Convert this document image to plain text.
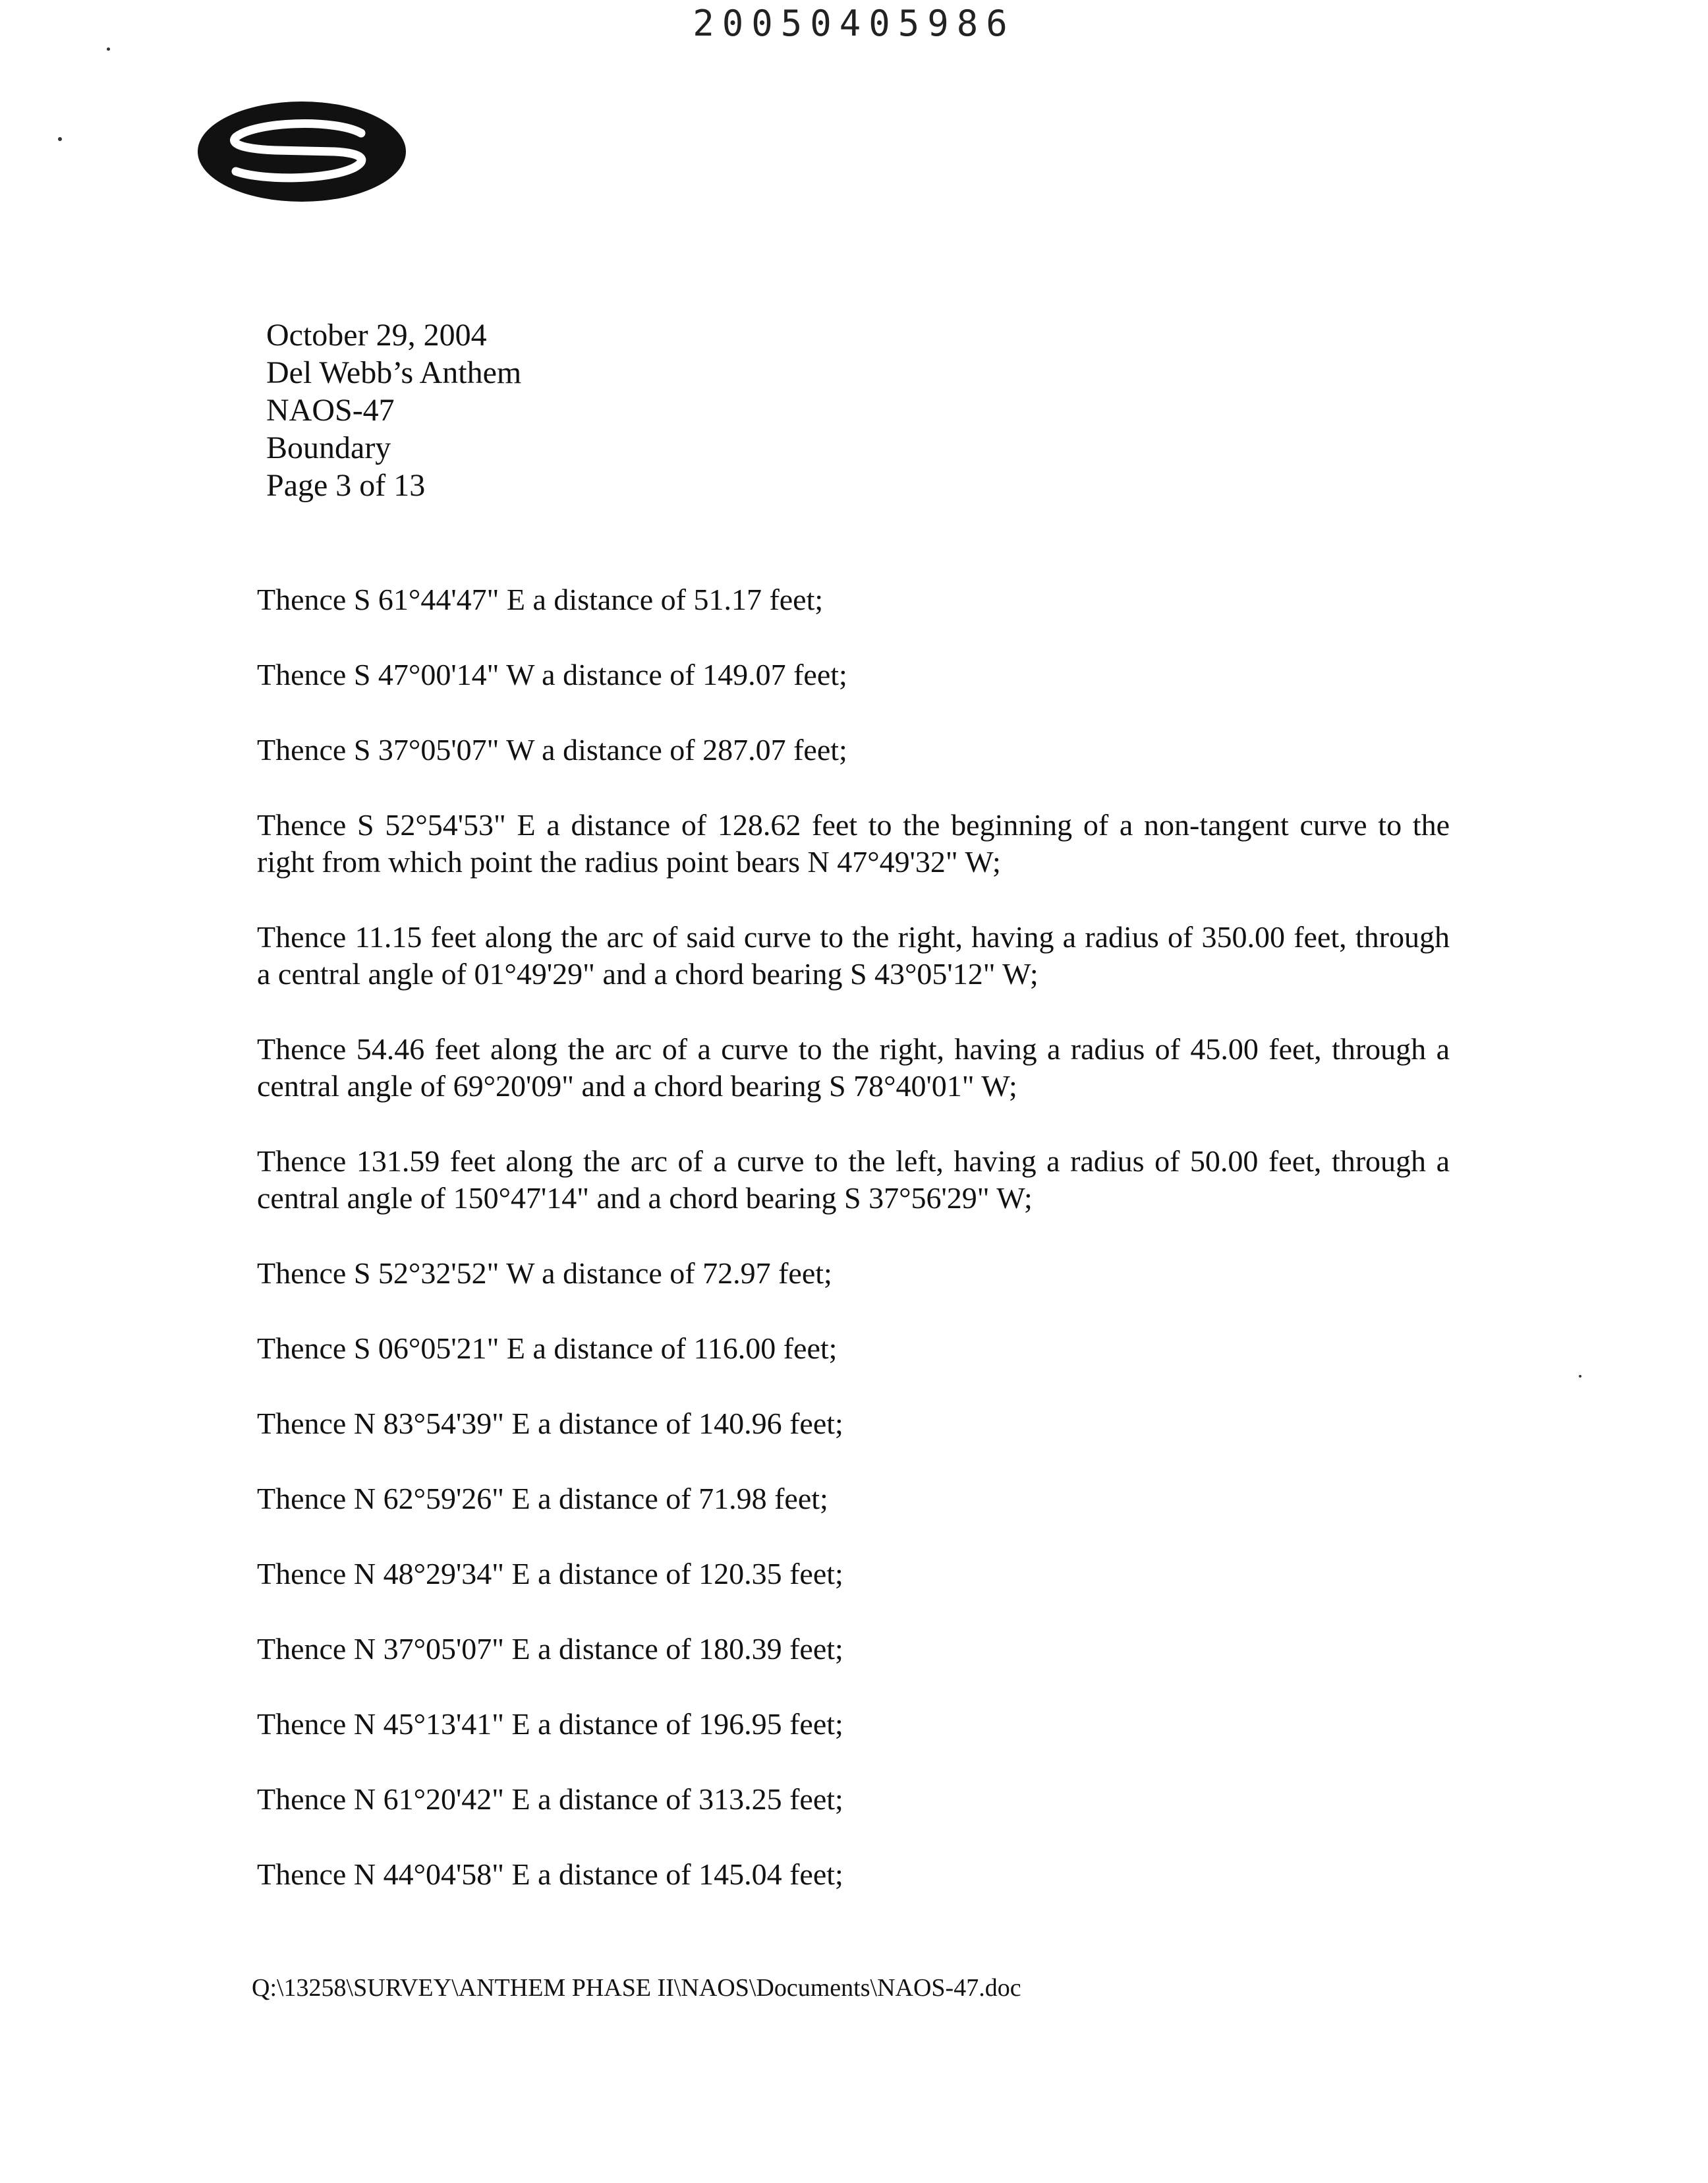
20050405986
®
October 29, 2004
Del Webb’s Anthem
NAOS-47
Boundary
Page 3 of 13

Thence S 61°44'47" E a distance of 51.17 feet;

Thence S 47°00'14" W a distance of 149.07 feet;

Thence S 37°05'07" W a distance of 287.07 feet;

Thence S 52°54'53" E a distance of 128.62 feet to the beginning of a non-tangent curve to the right from which point the radius point bears N 47°49'32" W;

Thence 11.15 feet along the arc of said curve to the right, having a radius of 350.00 feet, through a central angle of 01°49'29" and a chord bearing S 43°05'12" W;

Thence 54.46 feet along the arc of a curve to the right, having a radius of 45.00 feet, through a central angle of 69°20'09" and a chord bearing S 78°40'01" W;

Thence 131.59 feet along the arc of a curve to the left, having a radius of 50.00 feet, through a central angle of 150°47'14" and a chord bearing S 37°56'29" W;

Thence S 52°32'52" W a distance of 72.97 feet;

Thence S 06°05'21" E a distance of 116.00 feet;

Thence N 83°54'39" E a distance of 140.96 feet;

Thence N 62°59'26" E a distance of 71.98 feet;

Thence N 48°29'34" E a distance of 120.35 feet;

Thence N 37°05'07" E a distance of 180.39 feet;

Thence N 45°13'41" E a distance of 196.95 feet;

Thence N 61°20'42" E a distance of 313.25 feet;

Thence N 44°04'58" E a distance of 145.04 feet;

Q:\13258\SURVEY\ANTHEM PHASE II\NAOS\Documents\NAOS-47.doc
